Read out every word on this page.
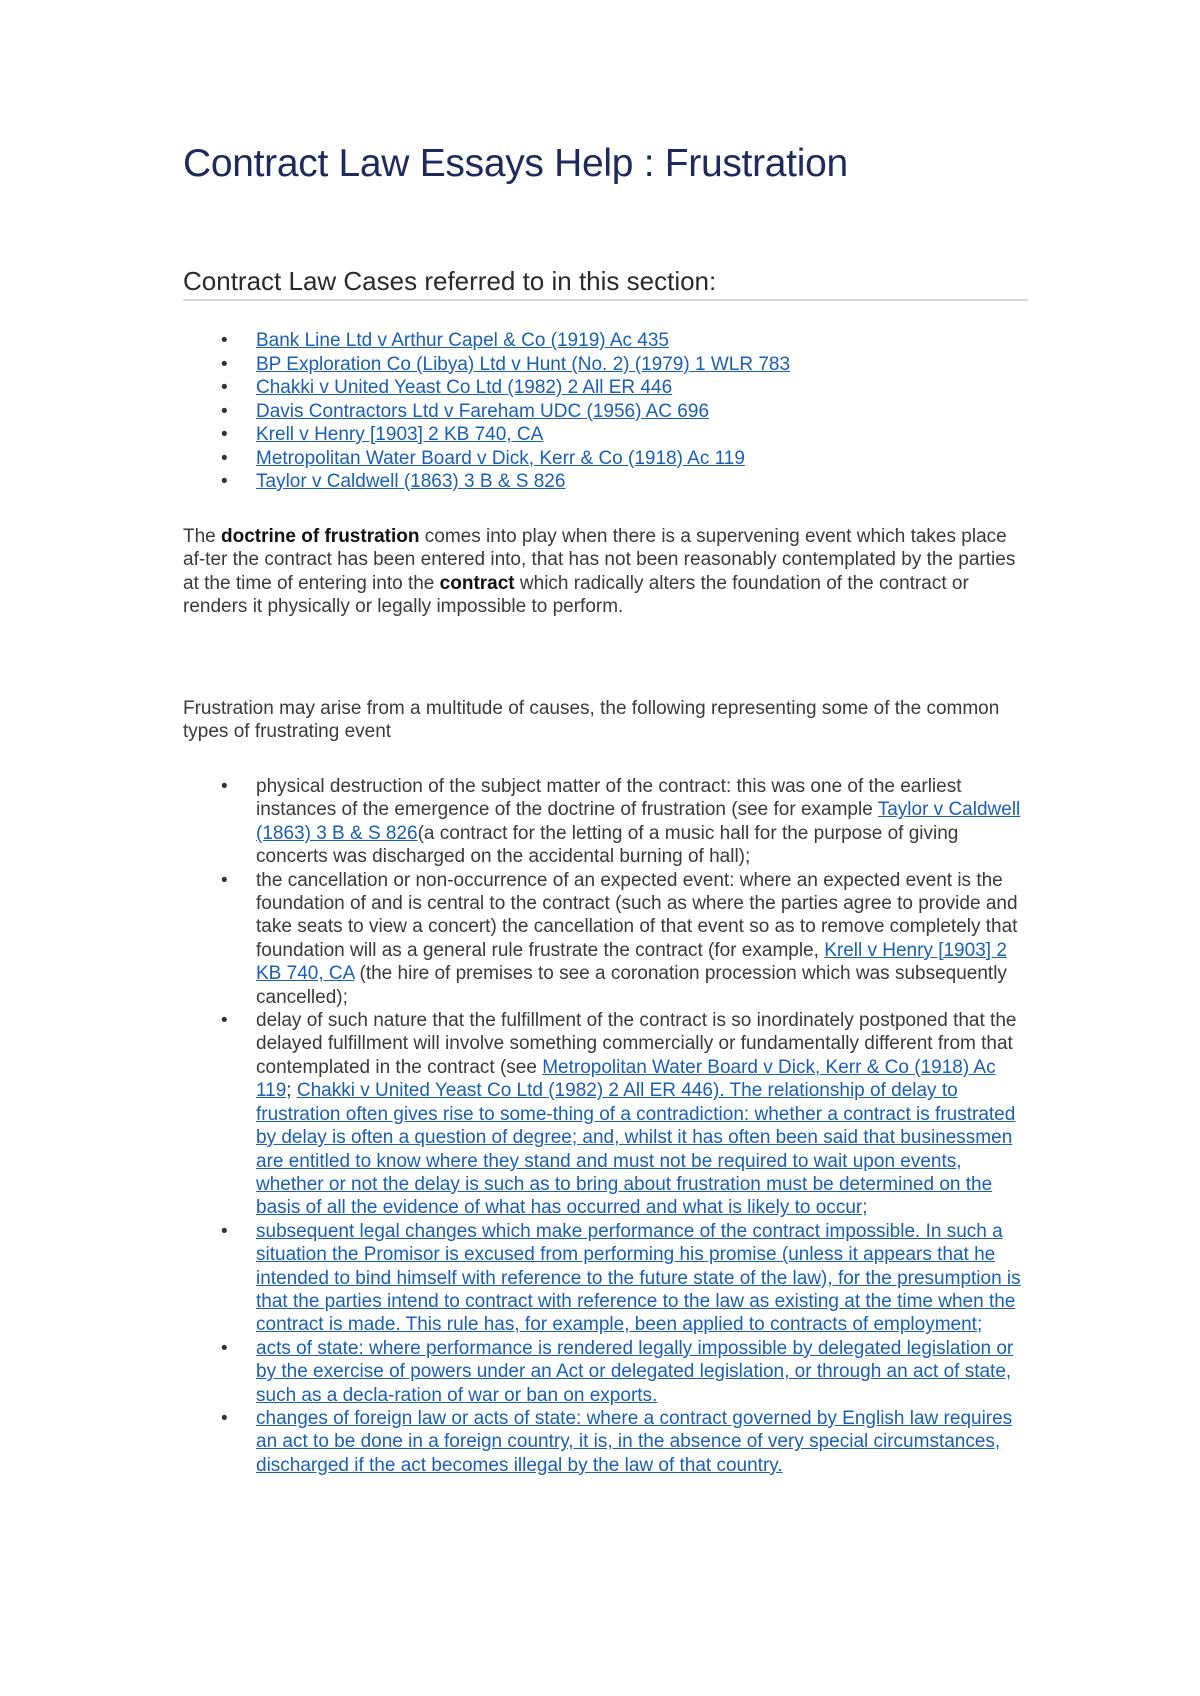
Contract Law Essays Help : Frustration
Contract Law Cases referred to in this section:
• Bank Line Ltd v Arthur Capel & Co (1919) Ac 435
• BP Exploration Co (Libya) Ltd v Hunt (No. 2) (1979) 1 WLR 783
• Chakki v United Yeast Co Ltd (1982) 2 All ER 446
• Davis Contractors Ltd v Fareham UDC (1956) AC 696
• Krell v Henry [1903] 2 KB 740, CA
• Metropolitan Water Board v Dick, Kerr & Co (1918) Ac 119
• Taylor v Caldwell (1863) 3 B & S 826

The doctrine of frustration comes into play when there is a supervening event which takes place af-ter the contract has been entered into, that has not been reasonably contemplated by the parties at the time of entering into the contract which radically alters the foundation of the contract or renders it physically or legally impossible to perform.

Frustration may arise from a multitude of causes, the following representing some of the common types of frustrating event

• physical destruction of the subject matter of the contract: this was one of the earliest instances of the emergence of the doctrine of frustration (see for example Taylor v Caldwell (1863) 3 B & S 826(a contract for the letting of a music hall for the purpose of giving concerts was discharged on the accidental burning of hall);
• the cancellation or non-occurrence of an expected event: where an expected event is the foundation of and is central to the contract (such as where the parties agree to provide and take seats to view a concert) the cancellation of that event so as to remove completely that foundation will as a general rule frustrate the contract (for example, Krell v Henry [1903] 2 KB 740, CA (the hire of premises to see a coronation procession which was subsequently cancelled);
• delay of such nature that the fulfillment of the contract is so inordinately postponed that the delayed fulfillment will involve something commercially or fundamentally different from that contemplated in the contract (see Metropolitan Water Board v Dick, Kerr & Co (1918) Ac 119; Chakki v United Yeast Co Ltd (1982) 2 All ER 446). The relationship of delay to frustration often gives rise to some-thing of a contradiction: whether a contract is frustrated by delay is often a question of degree; and, whilst it has often been said that businessmen are entitled to know where they stand and must not be required to wait upon events, whether or not the delay is such as to bring about frustration must be determined on the basis of all the evidence of what has occurred and what is likely to occur;
• subsequent legal changes which make performance of the contract impossible. In such a situation the Promisor is excused from performing his promise (unless it appears that he intended to bind himself with reference to the future state of the law), for the presumption is that the parties intend to contract with reference to the law as existing at the time when the contract is made. This rule has, for example, been applied to contracts of employment;
• acts of state: where performance is rendered legally impossible by delegated legislation or by the exercise of powers under an Act or delegated legislation, or through an act of state, such as a decla-ration of war or ban on exports.
• changes of foreign law or acts of state: where a contract governed by English law requires an act to be done in a foreign country, it is, in the absence of very special circumstances, discharged if the act becomes illegal by the law of that country.
